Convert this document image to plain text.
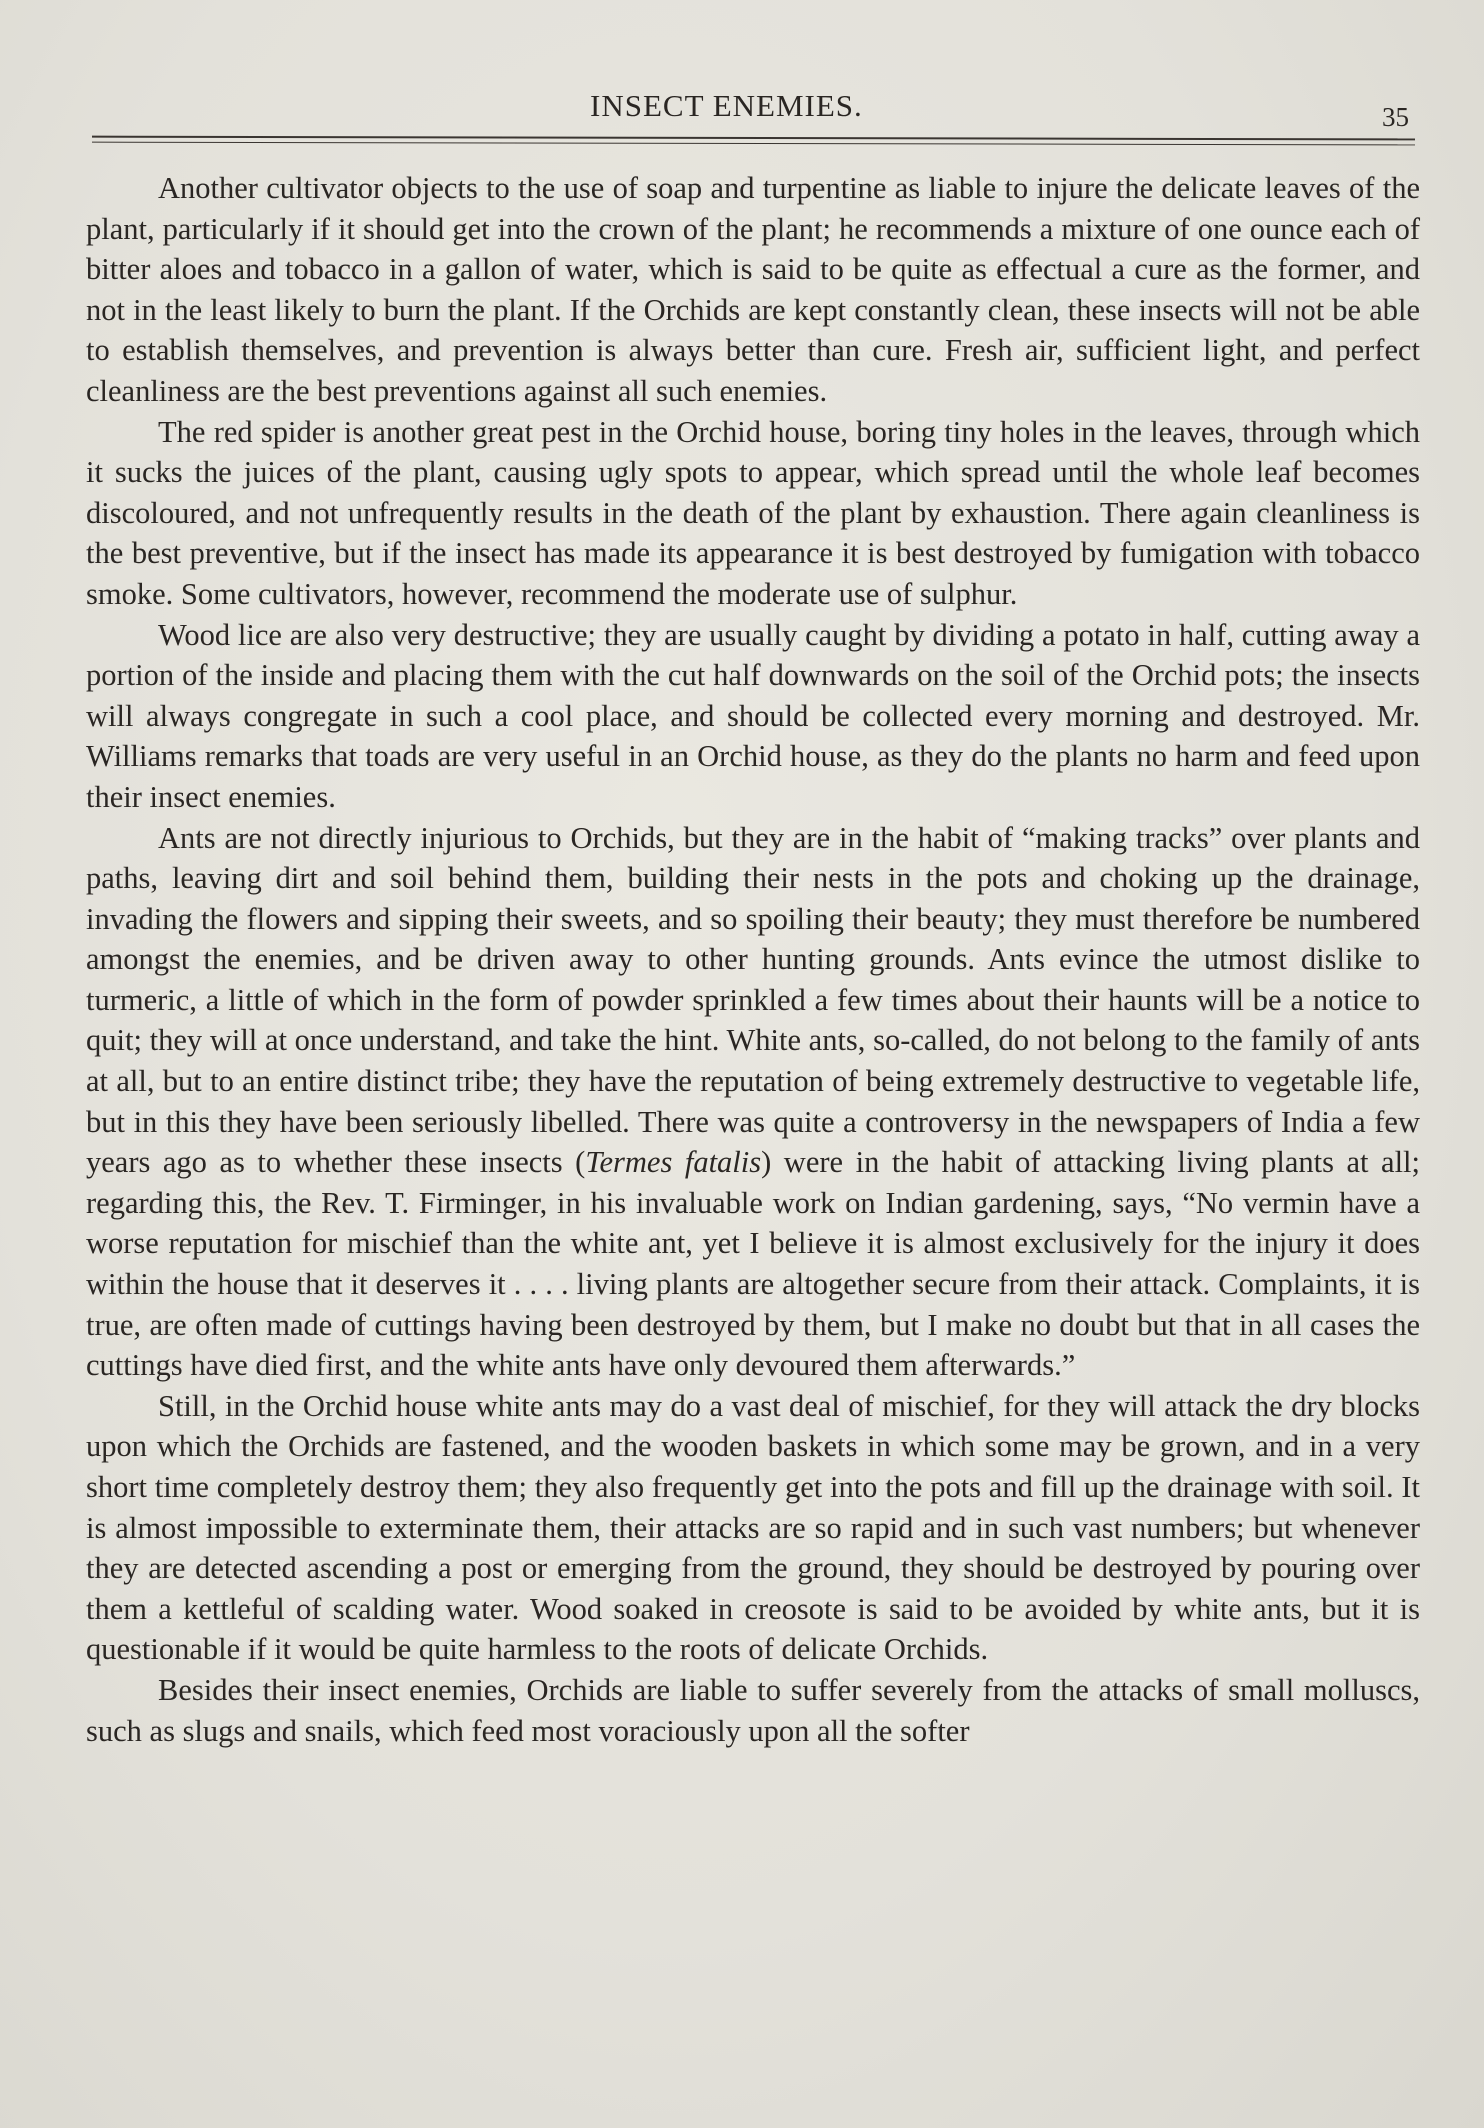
INSECT ENEMIES.	35

Another cultivator objects to the use of soap and turpentine as liable to injure the delicate leaves of the plant, particularly if it should get into the crown of the plant; he recommends a mixture of one ounce each of bitter aloes and tobacco in a gallon of water, which is said to be quite as effectual a cure as the former, and not in the least likely to burn the plant. If the Orchids are kept constantly clean, these insects will not be able to establish themselves, and prevention is always better than cure. Fresh air, sufficient light, and perfect cleanliness are the best preventions against all such enemies.

The red spider is another great pest in the Orchid house, boring tiny holes in the leaves, through which it sucks the juices of the plant, causing ugly spots to appear, which spread until the whole leaf becomes discoloured, and not unfrequently results in the death of the plant by exhaustion. There again cleanliness is the best preventive, but if the insect has made its appearance it is best destroyed by fumigation with tobacco smoke. Some cultivators, however, recommend the moderate use of sulphur.

Wood lice are also very destructive; they are usually caught by dividing a potato in half, cutting away a portion of the inside and placing them with the cut half downwards on the soil of the Orchid pots; the insects will always congregate in such a cool place, and should be collected every morning and destroyed. Mr. Williams remarks that toads are very useful in an Orchid house, as they do the plants no harm and feed upon their insect enemies.

Ants are not directly injurious to Orchids, but they are in the habit of “making tracks” over plants and paths, leaving dirt and soil behind them, building their nests in the pots and choking up the drainage, invading the flowers and sipping their sweets, and so spoiling their beauty; they must therefore be numbered amongst the enemies, and be driven away to other hunting grounds. Ants evince the utmost dislike to turmeric, a little of which in the form of powder sprinkled a few times about their haunts will be a notice to quit; they will at once understand, and take the hint. White ants, so-called, do not belong to the family of ants at all, but to an entire distinct tribe; they have the reputation of being extremely destructive to vegetable life, but in this they have been seriously libelled. There was quite a controversy in the newspapers of India a few years ago as to whether these insects (Termes fatalis) were in the habit of attacking living plants at all; regarding this, the Rev. T. Firminger, in his invaluable work on Indian gardening, says, “No vermin have a worse reputation for mischief than the white ant, yet I believe it is almost exclusively for the injury it does within the house that it deserves it . . . . living plants are altogether secure from their attack. Complaints, it is true, are often made of cuttings having been destroyed by them, but I make no doubt but that in all cases the cuttings have died first, and the white ants have only devoured them afterwards.”

Still, in the Orchid house white ants may do a vast deal of mischief, for they will attack the dry blocks upon which the Orchids are fastened, and the wooden baskets in which some may be grown, and in a very short time completely destroy them; they also frequently get into the pots and fill up the drainage with soil. It is almost impossible to exterminate them, their attacks are so rapid and in such vast numbers; but whenever they are detected ascending a post or emerging from the ground, they should be destroyed by pouring over them a kettleful of scalding water. Wood soaked in creosote is said to be avoided by white ants, but it is questionable if it would be quite harmless to the roots of delicate Orchids.

Besides their insect enemies, Orchids are liable to suffer severely from the attacks of small molluscs, such as slugs and snails, which feed most voraciously upon all the softer
